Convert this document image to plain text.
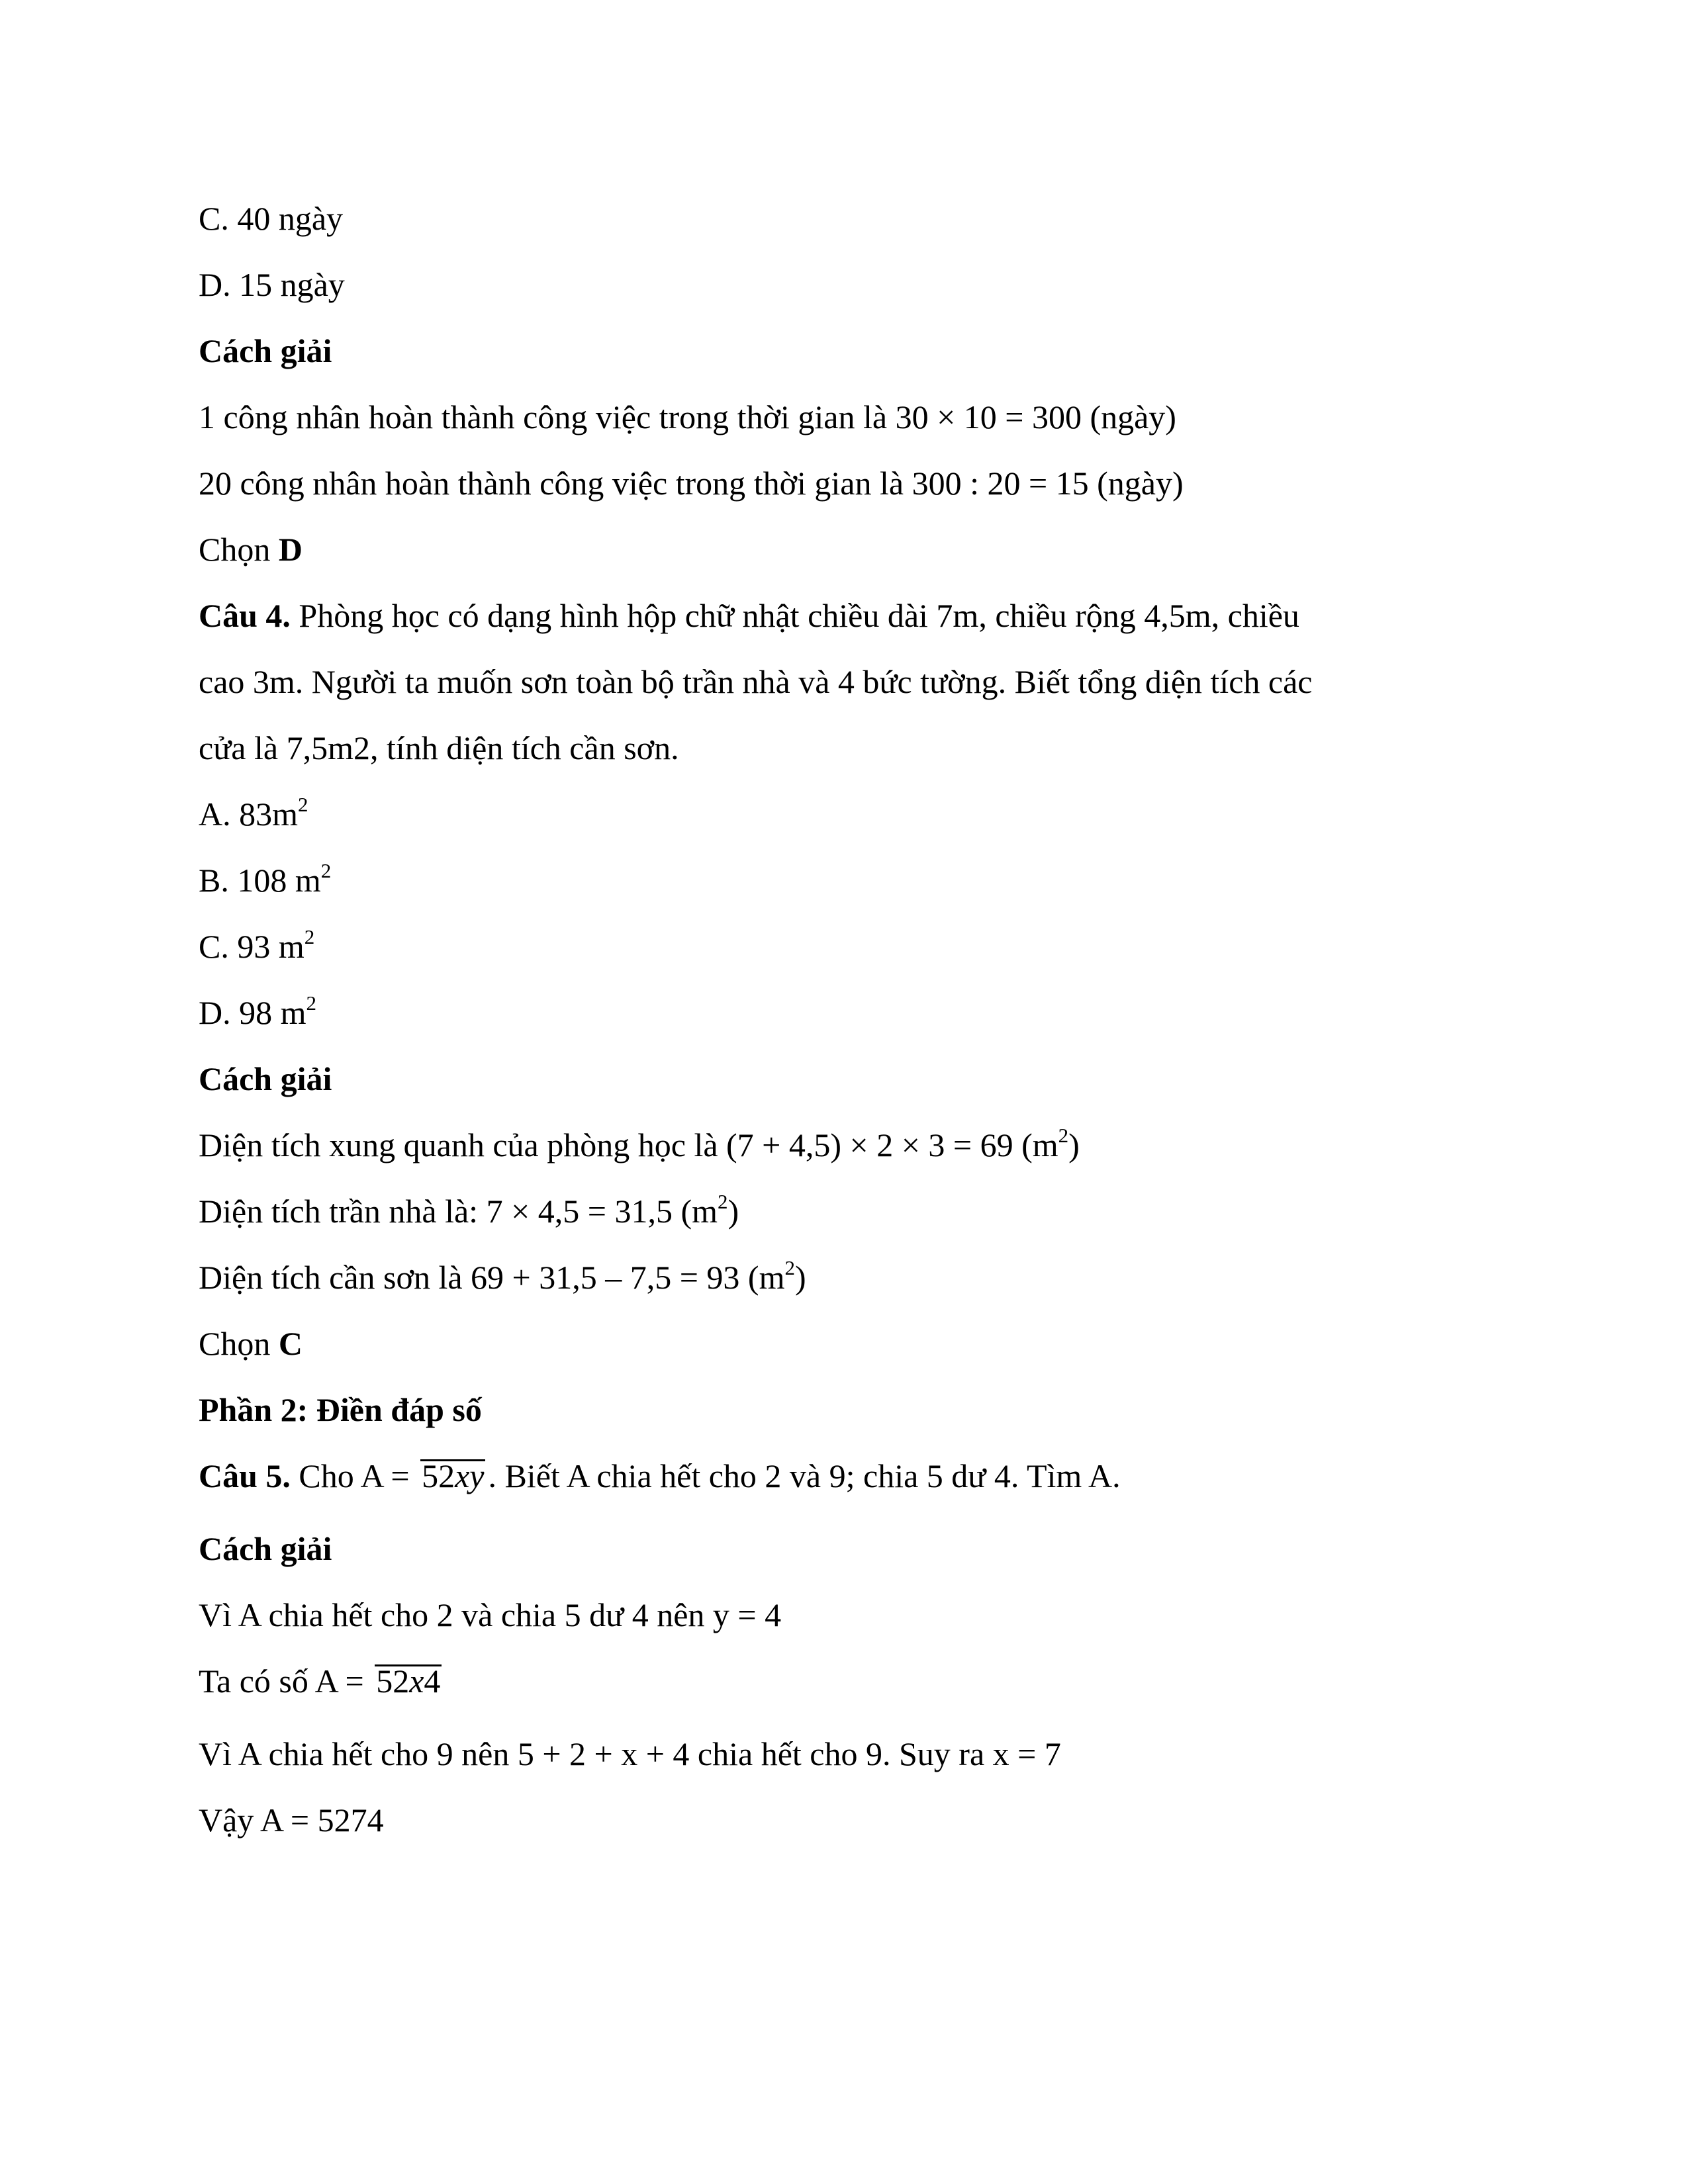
C. 40 ngày
D. 15 ngày
Cách giải
1 công nhân hoàn thành công việc trong thời gian là 30 × 10 = 300 (ngày)
20 công nhân hoàn thành công việc trong thời gian là 300 : 20 = 15 (ngày)
Chọn D
Câu 4. Phòng học có dạng hình hộp chữ nhật chiều dài 7m, chiều rộng 4,5m, chiều
cao 3m. Người ta muốn sơn toàn bộ trần nhà và 4 bức tường. Biết tổng diện tích các
cửa là 7,5m2, tính diện tích cần sơn.
A. $83m^2$
B. 108 $m^2$
C. 93 $m^2$
D. 98 $m^2$
Cách giải
Diện tích xung quanh của phòng học là (7 + 4,5) × 2 × 3 = 69 $(m^2)$
Diện tích trần nhà là: 7 × 4,5 = 31,5 $(m^2)$
Diện tích cần sơn là 69 + 31,5 – 7,5 = 93 $(m^2)$
Chọn C
Phần 2: Điền đáp số
Câu 5. Cho A = 52xy . Biết A chia hết cho 2 và 9; chia 5 dư 4. Tìm A.
Cách giải
Vì A chia hết cho 2 và chia 5 dư 4 nên y = 4
Ta có số A = 52x4
Vì A chia hết cho 9 nên 5 + 2 + x + 4 chia hết cho 9. Suy ra x = 7
Vậy A = 5274
